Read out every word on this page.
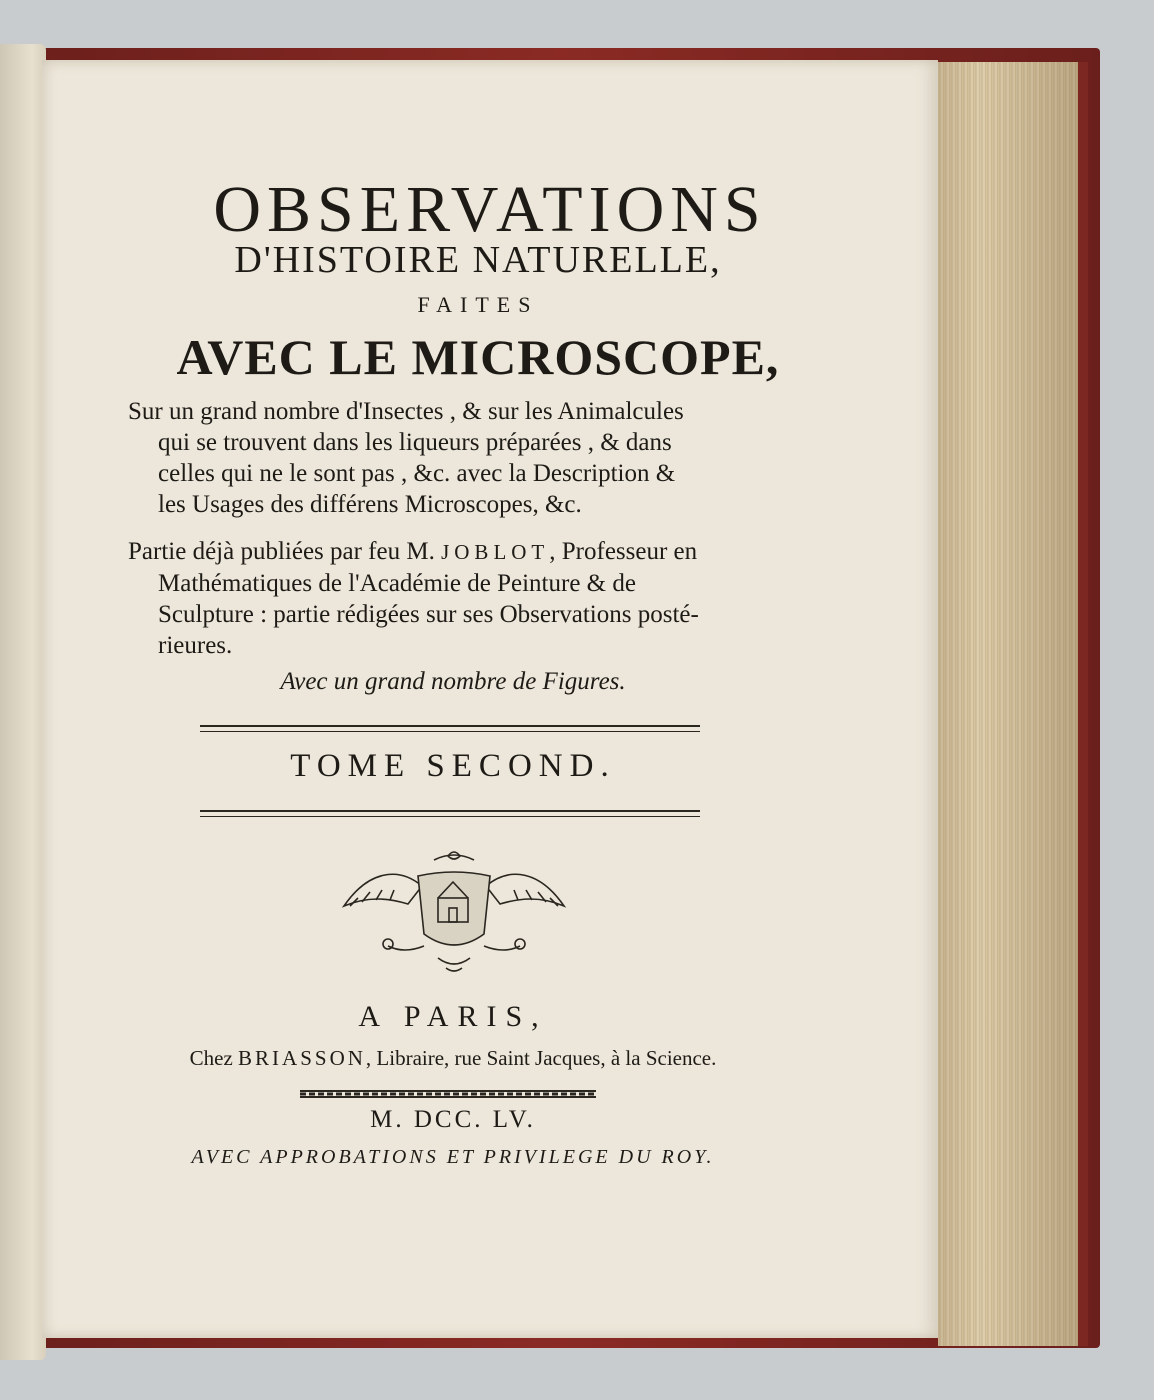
OBSERVATIONS
D'HISTOIRE NATURELLE,
FAITES
AVEC LE MICROSCOPE,

Sur un grand nombre d'Insectes , & sur les Animalcules

qui se trouvent dans les liqueurs préparées , & dans

celles qui ne le sont pas , &c. avec la Description &

les Usages des différens Microscopes, &c.

Partie déjà publiées par feu M. JOBLOT, Professeur en

Mathématiques de l'Académie de Peinture & de

Sculpture : partie rédigées sur ses Observations posté-

rieures.

Avec un grand nombre de Figures.
TOME SECOND.
A PARIS,
Chez BRIASSON, Libraire, rue Saint Jacques, à la Science.
M. DCC. LV.
AVEC APPROBATIONS ET PRIVILEGE DU ROY.
